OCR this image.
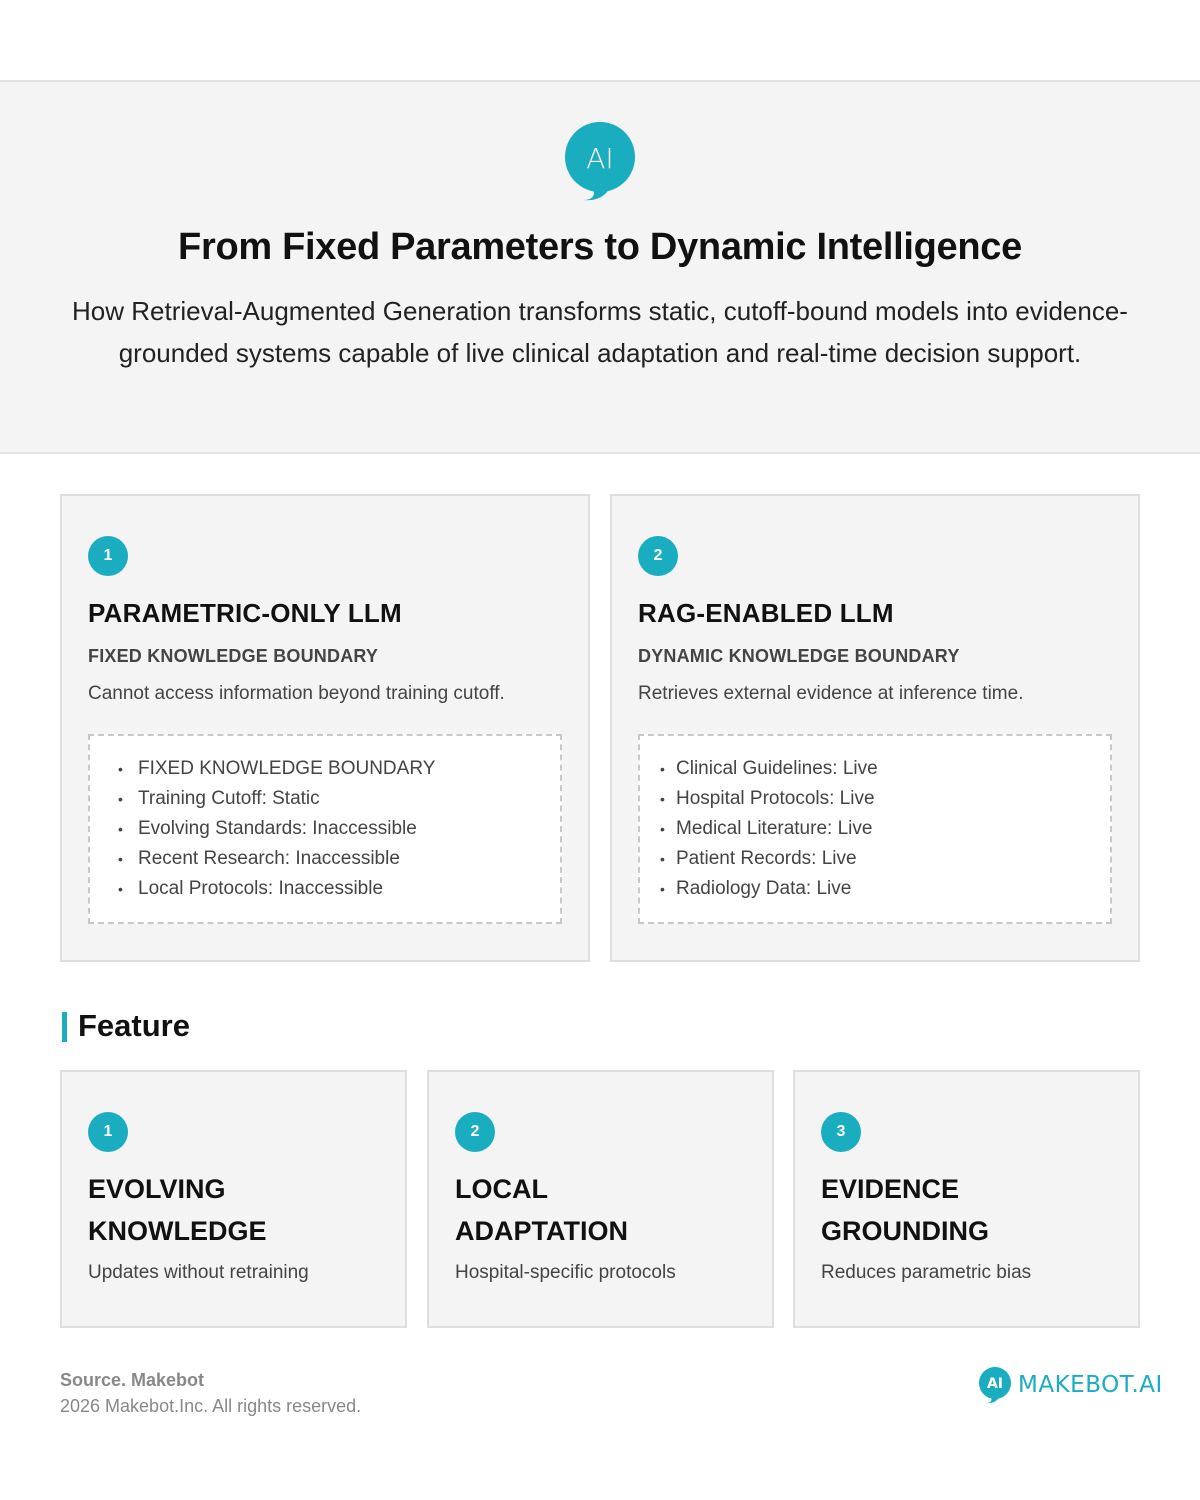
AI
From Fixed Parameters to Dynamic Intelligence
How Retrieval-Augmented Generation transforms static, cutoff-bound models into evidence-grounded systems capable of live clinical adaptation and real-time decision support.
1
PARAMETRIC-ONLY LLM
FIXED KNOWLEDGE BOUNDARY
Cannot access information beyond training cutoff.
• FIXED KNOWLEDGE BOUNDARY
• Training Cutoff: Static
• Evolving Standards: Inaccessible
• Recent Research: Inaccessible
• Local Protocols: Inaccessible
2
RAG-ENABLED LLM
DYNAMIC KNOWLEDGE BOUNDARY
Retrieves external evidence at inference time.
• Clinical Guidelines: Live
• Hospital Protocols: Live
• Medical Literature: Live
• Patient Records: Live
• Radiology Data: Live
Feature
1
EVOLVING
KNOWLEDGE
Updates without retraining
2
LOCAL
ADAPTATION
Hospital-specific protocols
3
EVIDENCE
GROUNDING
Reduces parametric bias
Source. Makebot
2026 Makebot.Inc. All rights reserved.
AI MAKEBOT.AI
